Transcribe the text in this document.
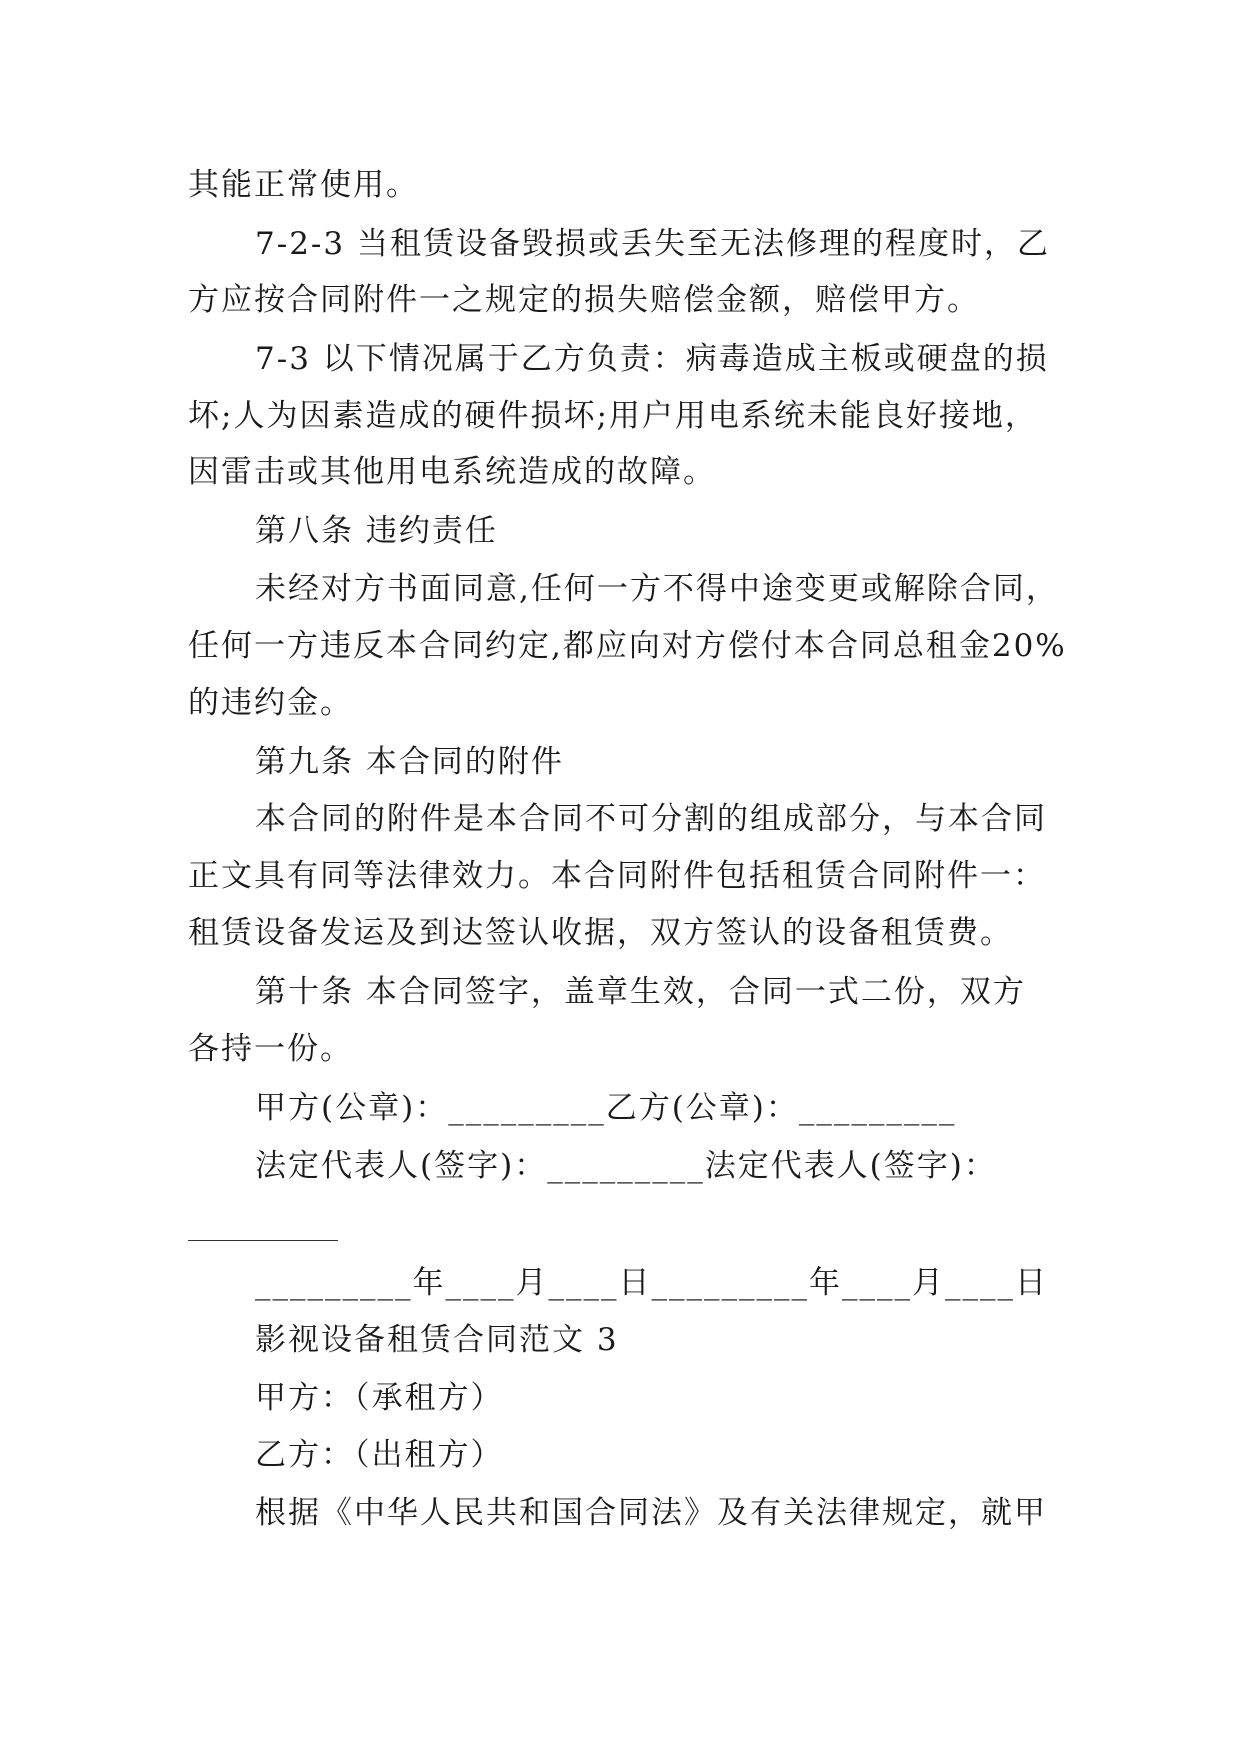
其能正常使用。
7-2-3 当租赁设备毁损或丢失至无法修理的程度时，乙
方应按合同附件一之规定的损失赔偿金额，赔偿甲方。
7-3 以下情况属于乙方负责：病毒造成主板或硬盘的损
坏;人为因素造成的硬件损坏;用户用电系统未能良好接地，
因雷击或其他用电系统造成的故障。
第八条 违约责任
未经对方书面同意,任何一方不得中途变更或解除合同，
任何一方违反本合同约定,都应向对方偿付本合同总租金20%
的违约金。
第九条 本合同的附件
本合同的附件是本合同不可分割的组成部分，与本合同
正文具有同等法律效力。本合同附件包括租赁合同附件一：
租赁设备发运及到达签认收据，双方签认的设备租赁费。
第十条 本合同签字，盖章生效，合同一式二份，双方
各持一份。
甲方(公章)：_________乙方(公章)：_________
法定代表人(签字)：_________法定代表人(签字)：
_________年____月____日_________年____月____日
影视设备租赁合同范文 3
甲方：（承租方）
乙方：（出租方）
根据《中华人民共和国合同法》及有关法律规定，就甲
